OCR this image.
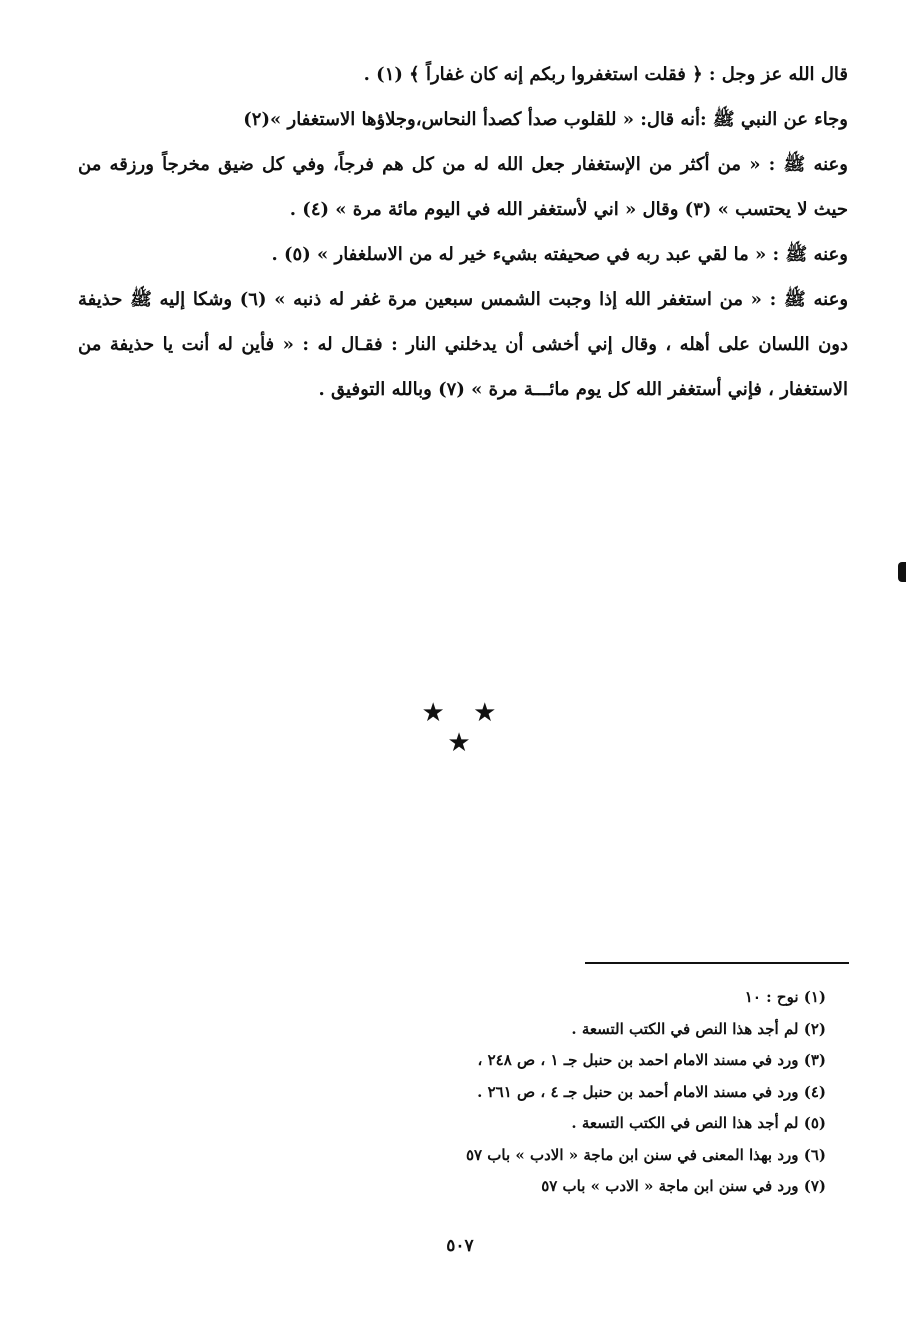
قال الله عز وجل : ﴿ فقلت استغفروا ربكم إنه كان غفاراً ﴾ (١) .

وجاء عن النبي ﷺ :أنه قال: « للقلوب صدأ كصدأ النحاس،وجلاؤها الاستغفار »(٢)

وعنه ﷺ : « من أكثر من الإستغفار جعل الله له من كل هم فرجاً، وفي كل ضيق مخرجاً ورزقه من حيث لا يحتسب » (٣) وقال « اني لأستغفر الله في اليوم مائة مرة » (٤) .

وعنه ﷺ : « ما لقي عبد ربه في صحيفته بشيء خير له من الاسلغفار » (٥) .

وعنه ﷺ : « من استغفر الله إذا وجبت الشمس سبعين مرة غفر له ذنبه » (٦) وشكا إليه ﷺ حذيفة دون اللسان على أهله ، وقال إني أخشى أن يدخلني النار : فقـال له : « فأين له أنت يا حذيفة من الاستغفار ، فإني أستغفر الله كل يوم مائـــة مرة » (٧) وبالله التوفيق .

★ ★ ★

(١) نوح : ١٠

(٢) لم أجد هذا النص في الكتب التسعة .

(٣) ورد في مسند الامام احمد بن حنبل جـ ١ ، ص ٢٤٨ ،

(٤) ورد في مسند الامام أحمد بن حنبل جـ ٤ ، ص ٢٦١ .

(٥) لم أجد هذا النص في الكتب التسعة .

(٦) ورد بهذا المعنى في سنن ابن ماجة « الادب » باب ٥٧

(٧) ورد في سنن ابن ماجة « الادب » باب ٥٧

٥٠٧
